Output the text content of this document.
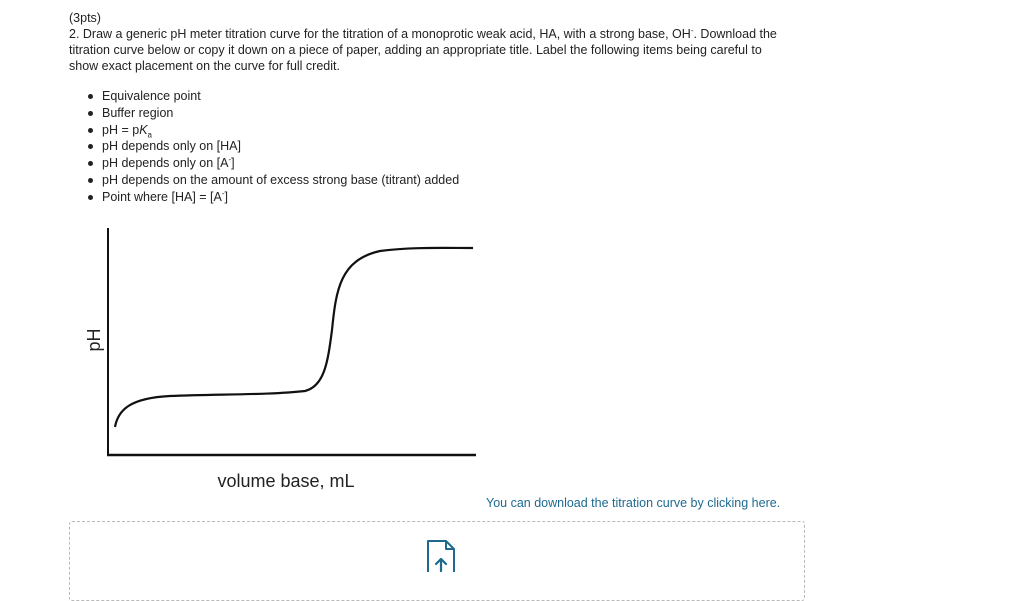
(3pts)

2. Draw a generic pH meter titration curve for the titration of a monoprotic weak acid, HA, with a strong base, OH-. Download the titration curve below or copy it down on a piece of paper, adding an appropriate title. Label the following items being careful to show exact placement on the curve for full credit.

Equivalence point
Buffer region
pH = $pK_a$
pH depends only on [HA]
pH depends only on [A-]
pH depends on the amount of excess strong base (titrant) added
Point where [HA] = [A-]
pH
volume base, mL
You can download the titration curve by clicking here.
